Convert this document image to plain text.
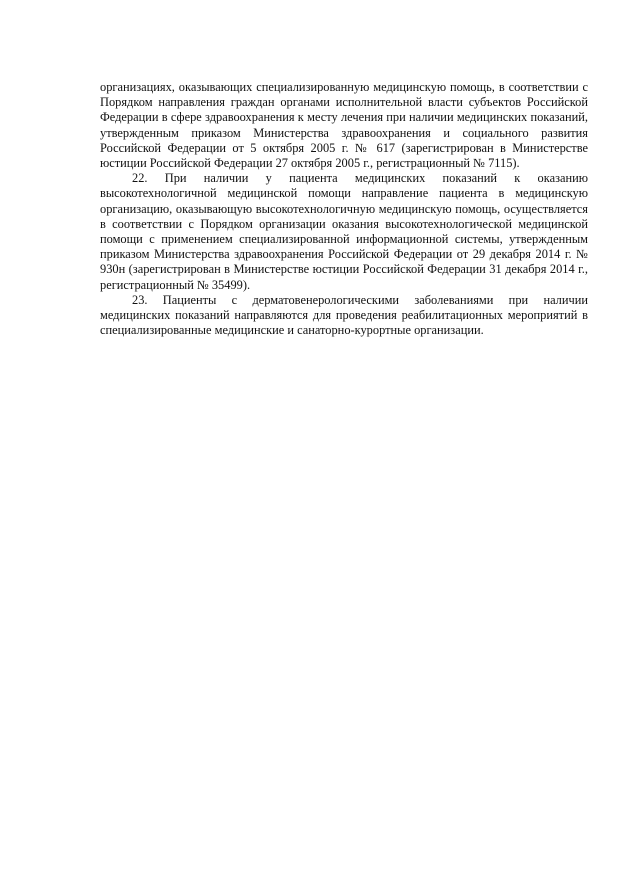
организациях, оказывающих специализированную медицинскую помощь, в соответствии с Порядком направления граждан органами исполнительной власти субъектов Российской Федерации в сфере здравоохранения к месту лечения при наличии медицинских показаний, утвержденным приказом Министерства здравоохранения и социального развития Российской Федерации от 5 октября 2005 г. № 617 (зарегистрирован в Министерстве юстиции Российской Федерации 27 октября 2005 г., регистрационный № 7115).

22. При наличии у пациента медицинских показаний к оказанию высокотехнологичной медицинской помощи направление пациента в медицинскую организацию, оказывающую высокотехнологичную медицинскую помощь, осуществляется в соответствии с Порядком организации оказания высокотехнологической медицинской помощи с применением специализированной информационной системы, утвержденным приказом Министерства здравоохранения Российской Федерации от 29 декабря 2014 г. № 930н (зарегистрирован в Министерстве юстиции Российской Федерации 31 декабря 2014 г., регистрационный № 35499).

23. Пациенты с дерматовенерологическими заболеваниями при наличии медицинских показаний направляются для проведения реабилитационных мероприятий в специализированные медицинские и санаторно-курортные организации.
